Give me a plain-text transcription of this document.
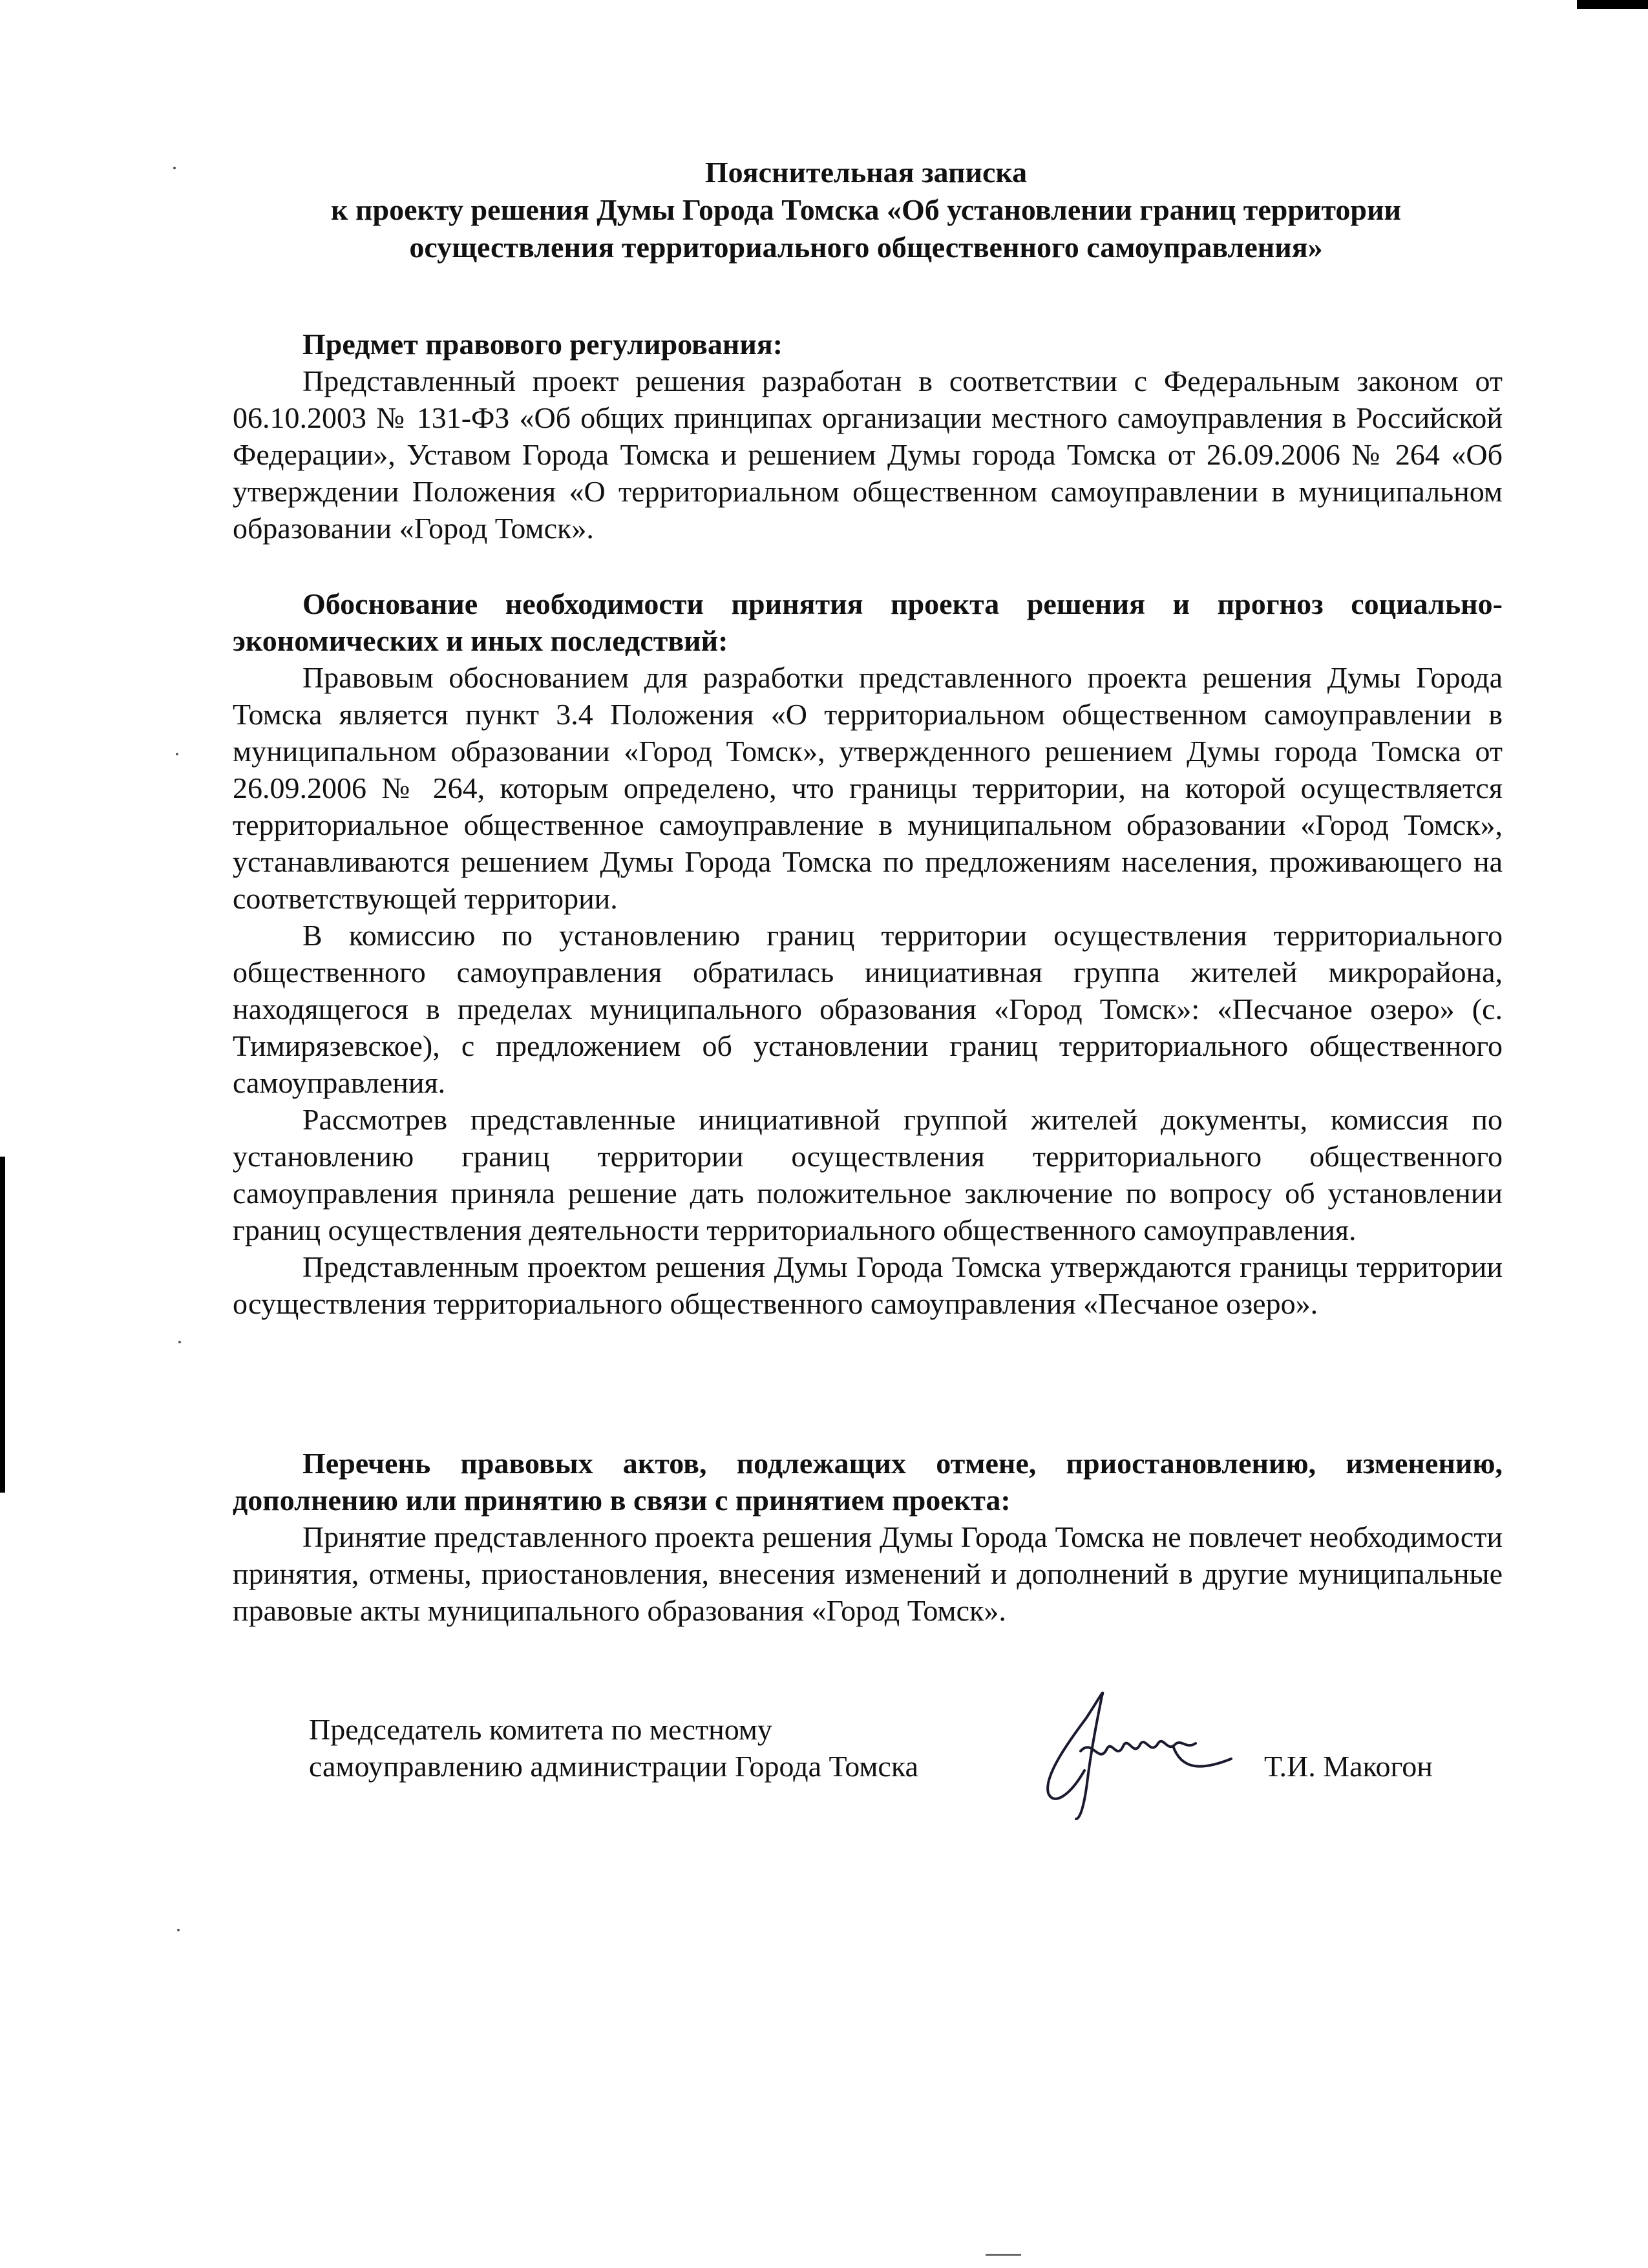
Пояснительная записка
к проекту решения Думы Города Томска «Об установлении границ территории
осуществления территориального общественного самоуправления»
Предмет правового регулирования:
Представленный проект решения разработан в соответствии с Федеральным законом от 06.10.2003 № 131-ФЗ «Об общих принципах организации местного самоуправления в Российской Федерации», Уставом Города Томска и решением Думы города Томска от 26.09.2006 № 264 «Об утверждении Положения «О территориальном общественном самоуправлении в муниципальном образовании «Город Томск».
Обоснование необходимости принятия проекта решения и прогноз социально-экономических и иных последствий:
Правовым обоснованием для разработки представленного проекта решения Думы Города Томска является пункт 3.4 Положения «О территориальном общественном самоуправлении в муниципальном образовании «Город Томск», утвержденного решением Думы города Томска от 26.09.2006 № 264, которым определено, что границы территории, на которой осуществляется территориальное общественное самоуправление в муниципальном образовании «Город Томск», устанавливаются решением Думы Города Томска по предложениям населения, проживающего на соответствующей территории.
В комиссию по установлению границ территории осуществления территориального общественного самоуправления обратилась инициативная группа жителей микрорайона, находящегося в пределах муниципального образования «Город Томск»: «Песчаное озеро» (с. Тимирязевское), с предложением об установлении границ территориального общественного самоуправления.
Рассмотрев представленные инициативной группой жителей документы, комиссия по установлению границ территории осуществления территориального общественного самоуправления приняла решение дать положительное заключение по вопросу об установлении границ осуществления деятельности территориального общественного самоуправления.
Представленным проектом решения Думы Города Томска утверждаются границы территории осуществления территориального общественного самоуправления «Песчаное озеро».
Перечень правовых актов, подлежащих отмене, приостановлению, изменению, дополнению или принятию в связи с принятием проекта:
Принятие представленного проекта решения Думы Города Томска не повлечет необходимости принятия, отмены, приостановления, внесения изменений и дополнений в другие муниципальные правовые акты муниципального образования «Город Томск».
Председатель комитета по местному
самоуправлению администрации Города Томска	Т.И. Макогон
